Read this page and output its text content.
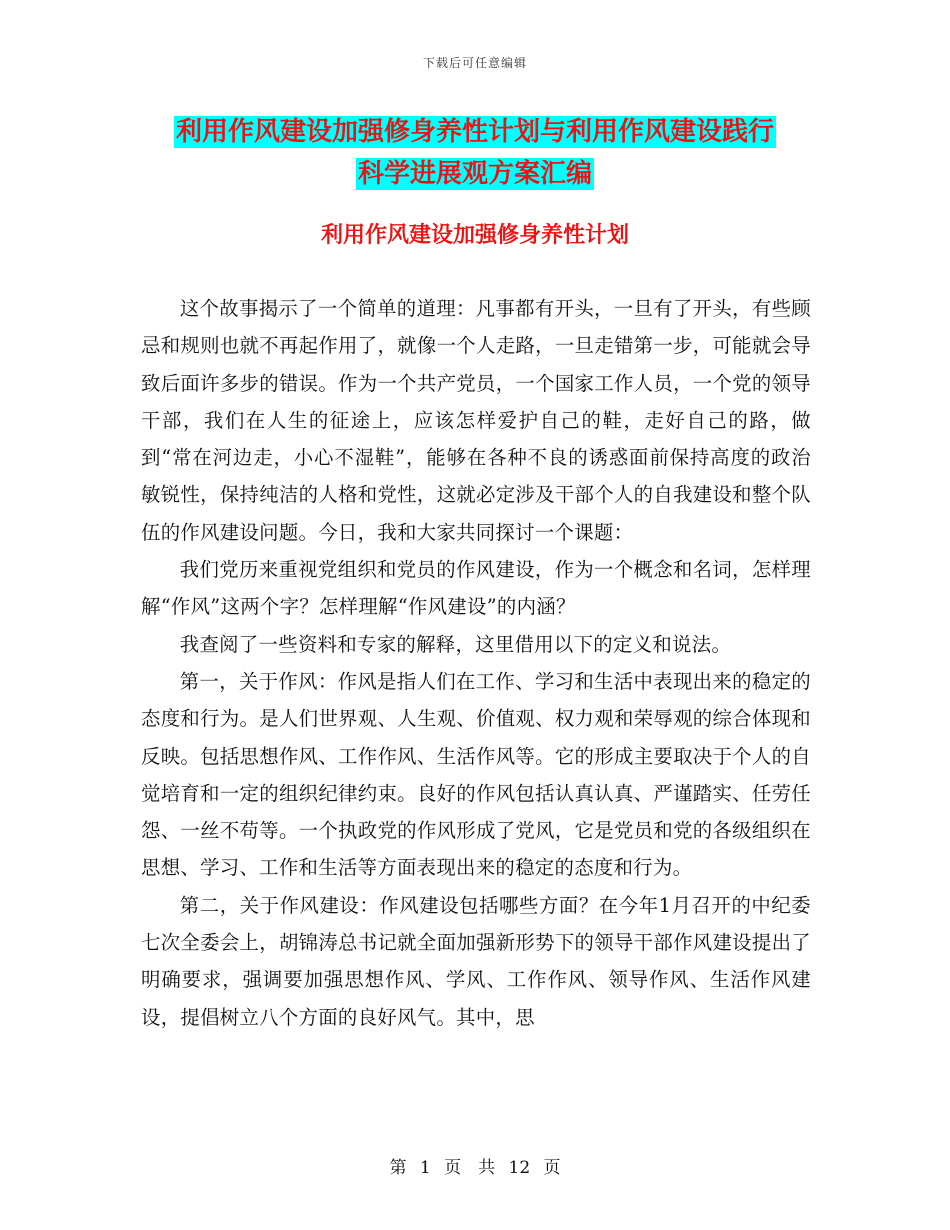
下载后可任意编辑
利用作风建设加强修身养性计划与利用作风建设践行
科学进展观方案汇编
利用作风建设加强修身养性计划

这个故事揭示了一个简单的道理：凡事都有开头，一旦有了开头，有些顾忌和规则也就不再起作用了，就像一个人走路，一旦走错第一步，可能就会导致后面许多步的错误。作为一个共产党员，一个国家工作人员，一个党的领导干部，我们在人生的征途上，应该怎样爱护自己的鞋，走好自己的路，做到“常在河边走，小心不湿鞋”，能够在各种不良的诱惑面前保持高度的政治敏锐性，保持纯洁的人格和党性，这就必定涉及干部个人的自我建设和整个队伍的作风建设问题。今日，我和大家共同探讨一个课题：

我们党历来重视党组织和党员的作风建设，作为一个概念和名词，怎样理解“作风”这两个字？怎样理解“作风建设”的内涵？

我查阅了一些资料和专家的解释，这里借用以下的定义和说法。

第一，关于作风：作风是指人们在工作、学习和生活中表现出来的稳定的态度和行为。是人们世界观、人生观、价值观、权力观和荣辱观的综合体现和反映。包括思想作风、工作作风、生活作风等。它的形成主要取决于个人的自觉培育和一定的组织纪律约束。良好的作风包括认真认真、严谨踏实、任劳任怨、一丝不苟等。一个执政党的作风形成了党风，它是党员和党的各级组织在思想、学习、工作和生活等方面表现出来的稳定的态度和行为。

第二，关于作风建设：作风建设包括哪些方面？在今年1月召开的中纪委七次全委会上，胡锦涛总书记就全面加强新形势下的领导干部作风建设提出了明确要求，强调要加强思想作风、学风、工作作风、领导作风、生活作风建设，提倡树立八个方面的良好风气。其中，思

第 1 页　共 12 页
